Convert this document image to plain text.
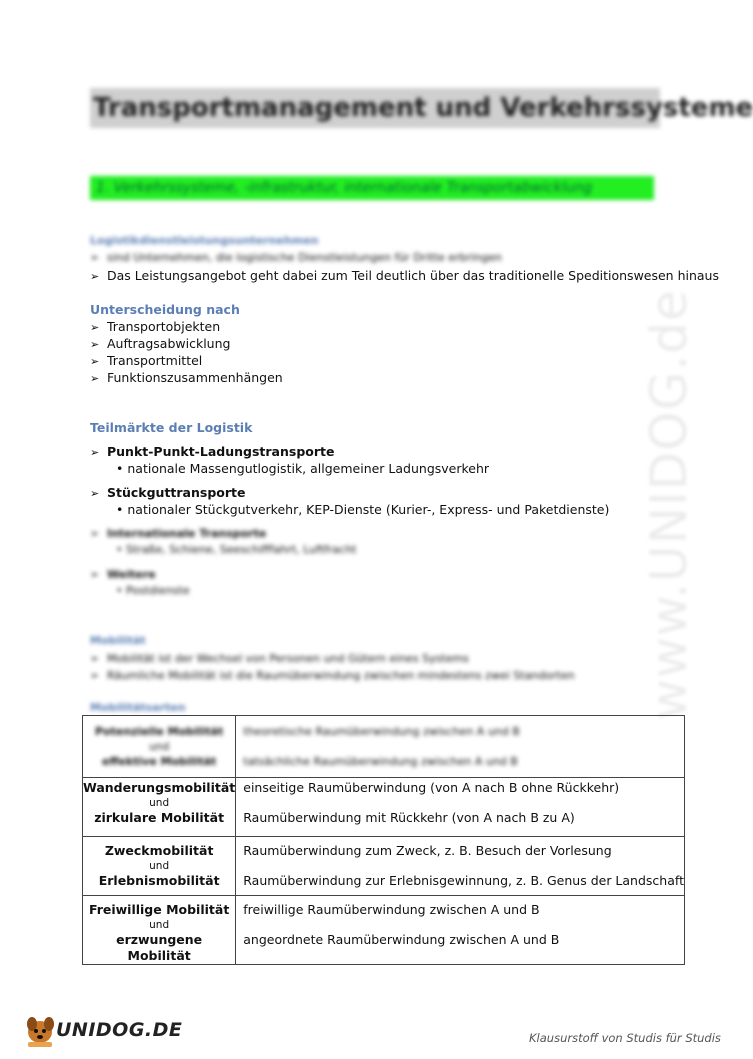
www.UNIDOG.de
Transportmanagement und Verkehrssysteme
1. Verkehrssysteme, -infrastruktur, internationale Transportabwicklung
Logistikdienstleistungsunternehmen
➢ sind Unternehmen, die logistische Dienstleistungen für Dritte erbringen
➢ Das Leistungsangebot geht dabei zum Teil deutlich über das traditionelle Speditionswesen hinaus
Unterscheidung nach
➢ Transportobjekten
➢ Auftragsabwicklung
➢ Transportmittel
➢ Funktionszusammenhängen
Teilmärkte der Logistik
➢ Punkt-Punkt-Ladungstransporte
• nationale Massengutlogistik, allgemeiner Ladungsverkehr
➢ Stückguttransporte
• nationaler Stückgutverkehr, KEP-Dienste (Kurier-, Express- und Paketdienste)
➢ Internationale Transporte
• Straße, Schiene, Seeschifffahrt, Luftfracht
➢ Weitere
• Postdienste
Mobilität
➢ Mobilität ist der Wechsel von Personen und Gütern eines Systems
➢ Räumliche Mobilität ist die Raumüberwindung zwischen mindestens zwei Standorten
Mobilitätsarten
Potenzielle Mobilität
und
effektive Mobilität	theoretische Raumüberwindung zwischen A und B
tatsächliche Raumüberwindung zwischen A und B

Wanderungsmobilität
und
zirkulare Mobilität	einseitige Raumüberwindung (von A nach B ohne Rückkehr)
Raumüberwindung mit Rückkehr (von A nach B zu A)

Zweckmobilität
und
Erlebnismobilität	Raumüberwindung zum Zweck, z. B. Besuch der Vorlesung
Raumüberwindung zur Erlebnisgewinnung, z. B. Genus der Landschaft

Freiwillige Mobilität
und
erzwungene Mobilität	freiwillige Raumüberwindung zwischen A und B
angeordnete Raumüberwindung zwischen A und B
UNIDOG.DE	Klausurstoff von Studis für Studis
